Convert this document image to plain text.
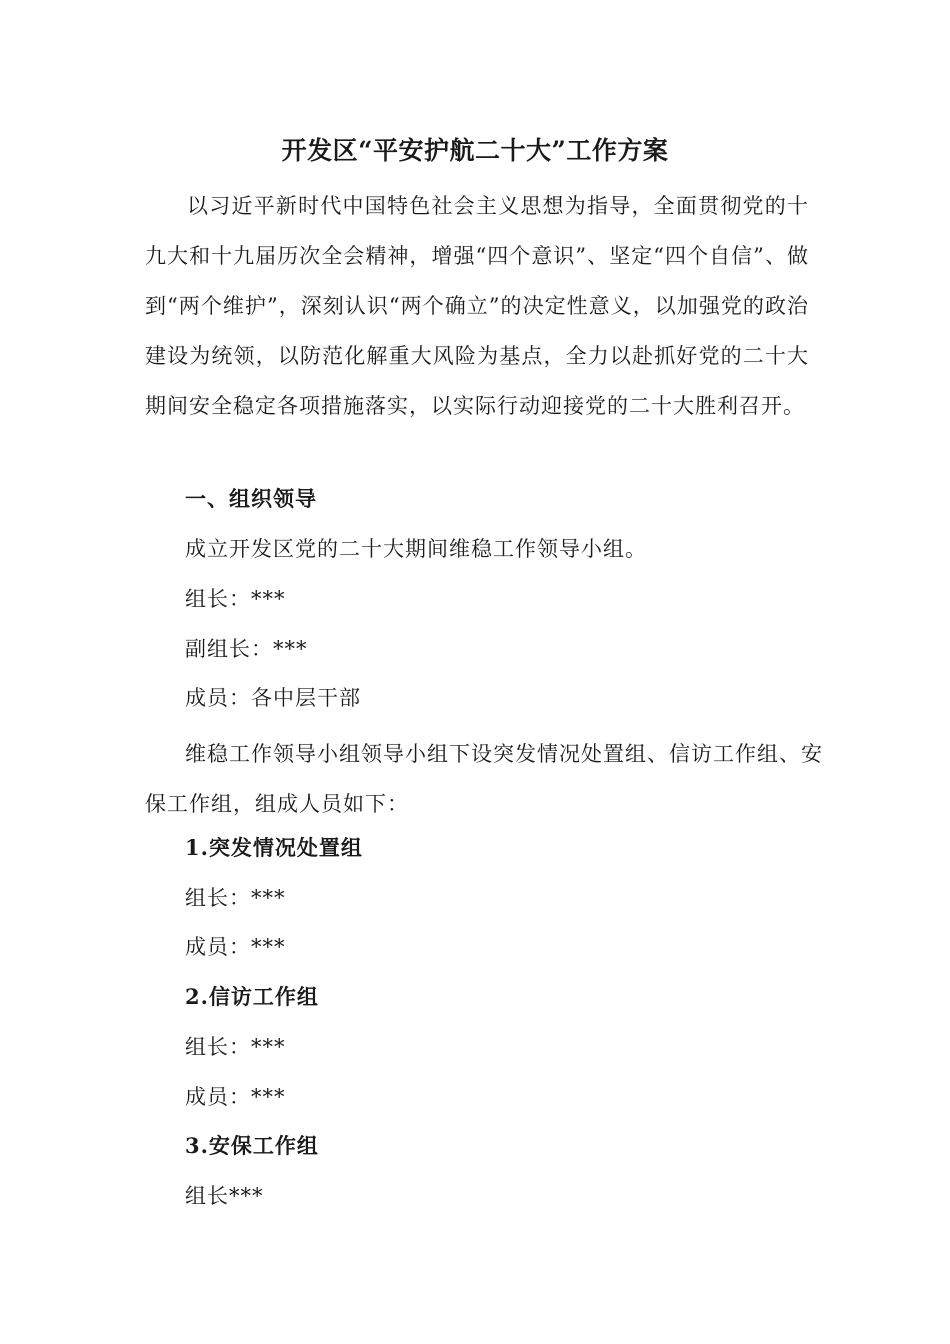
开发区“平安护航二十大”工作方案

以习近平新时代中国特色社会主义思想为指导，全面贯彻党的十九大和十九届历次全会精神，增强“四个意识”、坚定“四个自信”、做到“两个维护”，深刻认识“两个确立”的决定性意义，以加强党的政治建设为统领，以防范化解重大风险为基点，全力以赴抓好党的二十大期间安全稳定各项措施落实，以实际行动迎接党的二十大胜利召开。

一、组织领导

成立开发区党的二十大期间维稳工作领导小组。

组长：***

副组长：***

成员：各中层干部

维稳工作领导小组领导小组下设突发情况处置组、信访工作组、安保工作组，组成人员如下：

1.突发情况处置组

组长：***

成员：***

2.信访工作组

组长：***

成员：***

3.安保工作组

组长***
